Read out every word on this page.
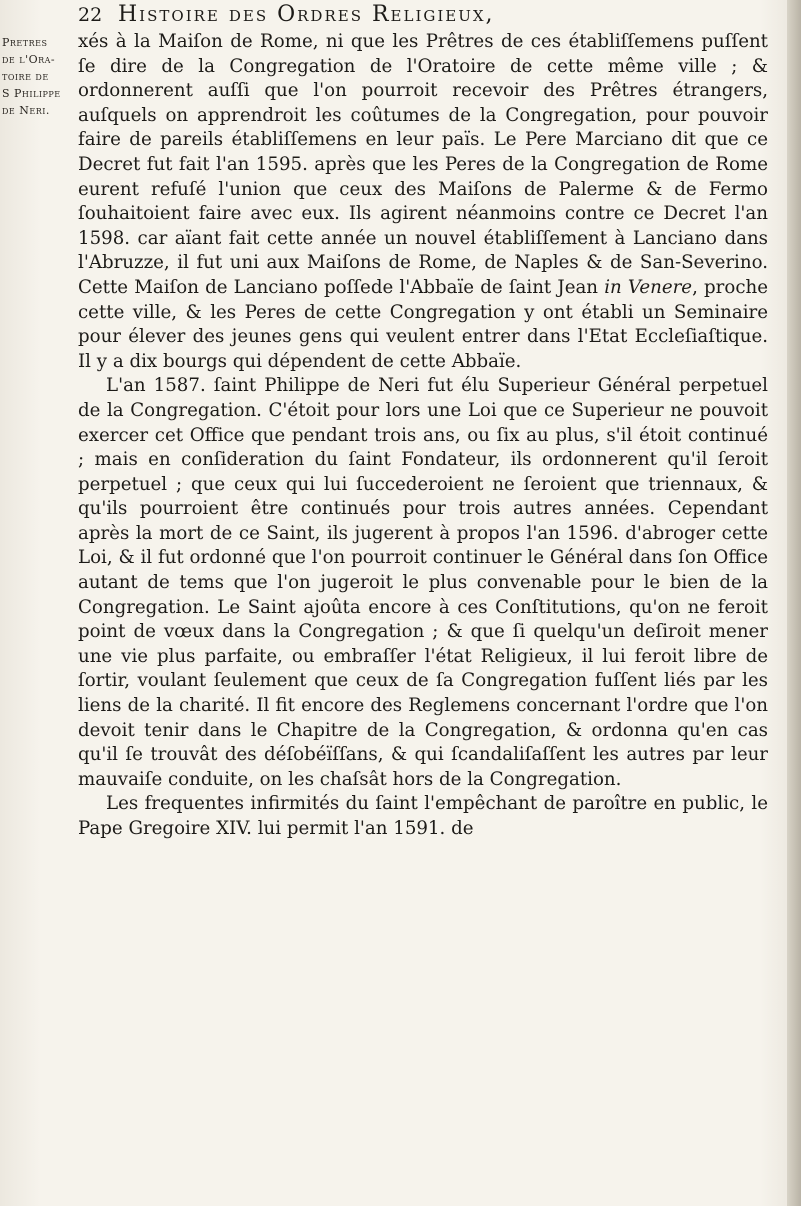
22 Histoire des Ordres Religieux,
Pretres
de l'Ora-
toire de
S Philippe
de Neri.

xés à la Maiſon de Rome, ni que les Prêtres de ces établiſſemens puſſent ſe dire de la Congregation de l'Oratoire de cette même ville ; & ordonnerent auſſi que l'on pourroit recevoir des Prêtres étrangers, auſquels on apprendroit les coûtumes de la Congregation, pour pouvoir faire de pareils établiſſemens en leur païs. Le Pere Marciano dit que ce Decret fut fait l'an 1595. après que les Peres de la Congregation de Rome eurent refuſé l'union que ceux des Maiſons de Palerme & de Fermo ſouhaitoient faire avec eux. Ils agirent néanmoins contre ce Decret l'an 1598. car aïant fait cette année un nouvel établiſſement à Lanciano dans l'Abruzze, il fut uni aux Maiſons de Rome, de Naples & de San-Severino. Cette Maiſon de Lanciano poſſede l'Abbaïe de ſaint Jean in Venere, proche cette ville, & les Peres de cette Congregation y ont établi un Seminaire pour élever des jeunes gens qui veulent entrer dans l'Etat Eccleſiaſtique. Il y a dix bourgs qui dépendent de cette Abbaïe.

L'an 1587. ſaint Philippe de Neri fut élu Superieur Général perpetuel de la Congregation. C'étoit pour lors une Loi que ce Superieur ne pouvoit exercer cet Office que pendant trois ans, ou ſix au plus, s'il étoit continué ; mais en conſideration du ſaint Fondateur, ils ordonnerent qu'il ſeroit perpetuel ; que ceux qui lui ſuccederoient ne ſeroient que triennaux, & qu'ils pourroient être continués pour trois autres années. Cependant après la mort de ce Saint, ils jugerent à propos l'an 1596. d'abroger cette Loi, & il fut ordonné que l'on pourroit continuer le Général dans ſon Office autant de tems que l'on jugeroit le plus convenable pour le bien de la Congregation. Le Saint ajoûta encore à ces Conſtitutions, qu'on ne feroit point de vœux dans la Congregation ; & que ſi quelqu'un deſiroit mener une vie plus parfaite, ou embraſſer l'état Religieux, il lui feroit libre de ſortir, voulant ſeulement que ceux de ſa Congregation fuſſent liés par les liens de la charité. Il fit encore des Reglemens concernant l'ordre que l'on devoit tenir dans le Chapitre de la Congregation, & ordonna qu'en cas qu'il ſe trouvât des déſobéïſſans, & qui ſcandaliſaſſent les autres par leur mauvaiſe conduite, on les chaſsât hors de la Congregation.

Les frequentes infirmités du ſaint l'empêchant de paroître en public, le Pape Gregoire XIV. lui permit l'an 1591. de
